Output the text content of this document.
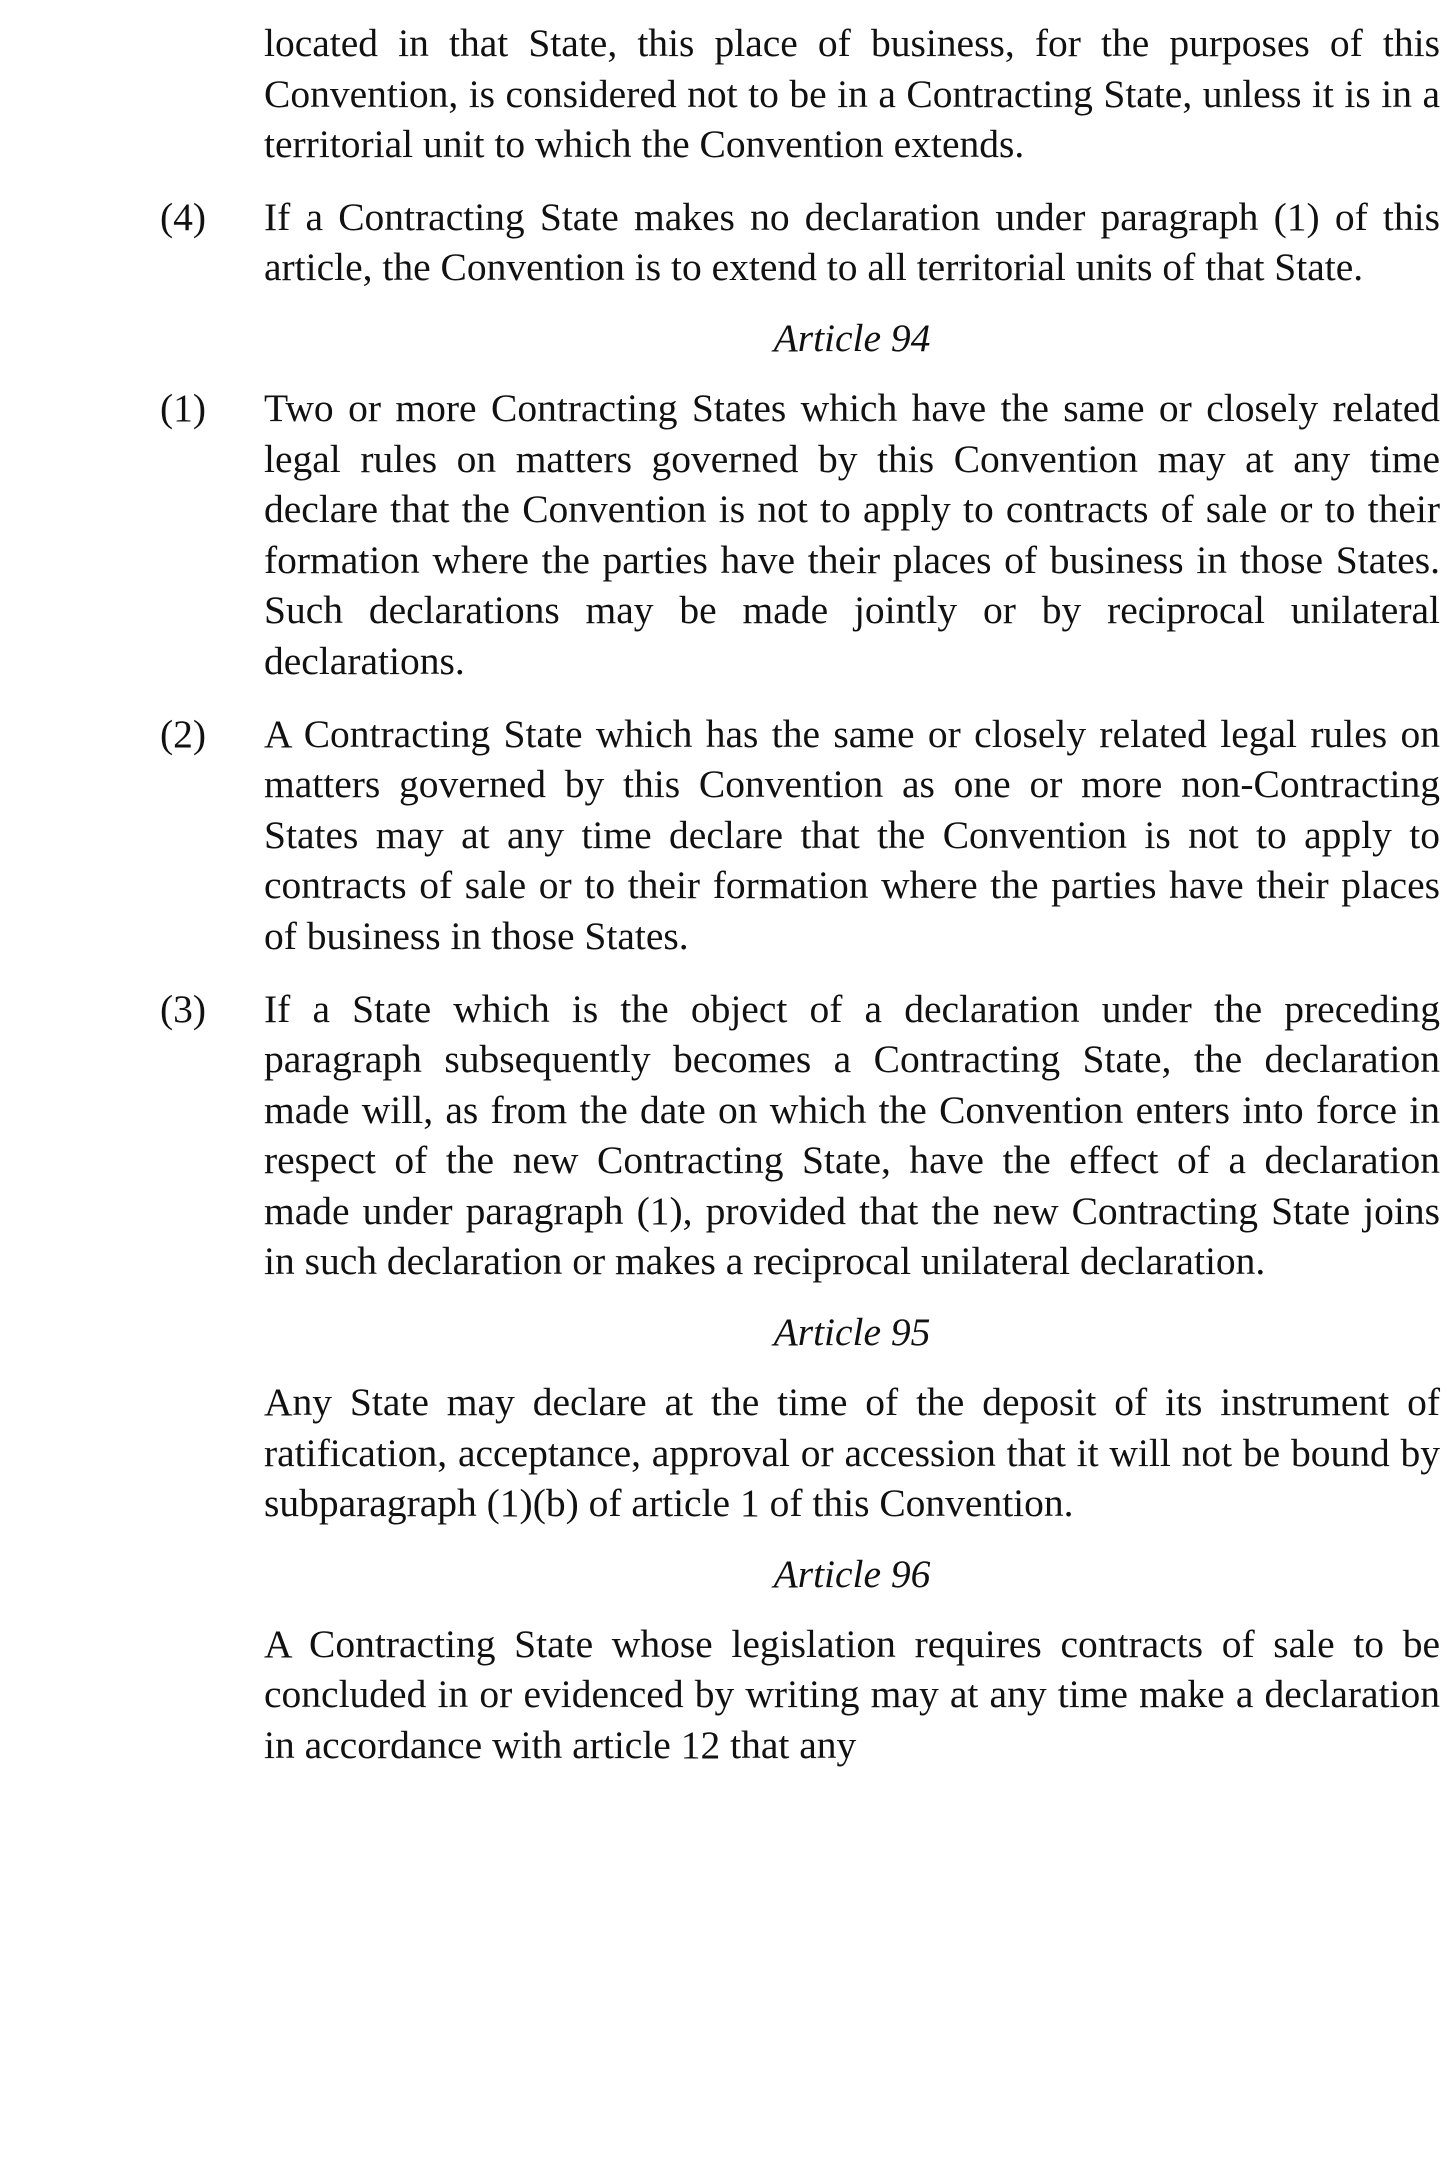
located in that State, this place of business, for the purposes of this Convention, is considered not to be in a Contracting State, unless it is in a territorial unit to which the Convention extends.

(4)	If a Contracting State makes no declaration under paragraph (1) of this article, the Convention is to extend to all territorial units of that State.

Article 94

(1)	Two or more Contracting States which have the same or closely related legal rules on matters governed by this Convention may at any time declare that the Convention is not to apply to contracts of sale or to their formation where the parties have their places of business in those States. Such declarations may be made jointly or by reciprocal unilateral declarations.

(2)	A Contracting State which has the same or closely related legal rules on matters governed by this Convention as one or more non-Contracting States may at any time declare that the Convention is not to apply to contracts of sale or to their formation where the parties have their places of business in those States.

(3)	If a State which is the object of a declaration under the preceding paragraph subsequently becomes a Contracting State, the declaration made will, as from the date on which the Convention enters into force in respect of the new Contracting State, have the effect of a declaration made under paragraph (1), provided that the new Contracting State joins in such declaration or makes a reciprocal unilateral declaration.

Article 95

Any State may declare at the time of the deposit of its instrument of ratification, acceptance, approval or accession that it will not be bound by subparagraph (1)(b) of article 1 of this Convention.

Article 96

A Contracting State whose legislation requires contracts of sale to be concluded in or evidenced by writing may at any time make a declaration in accordance with article 12 that any
